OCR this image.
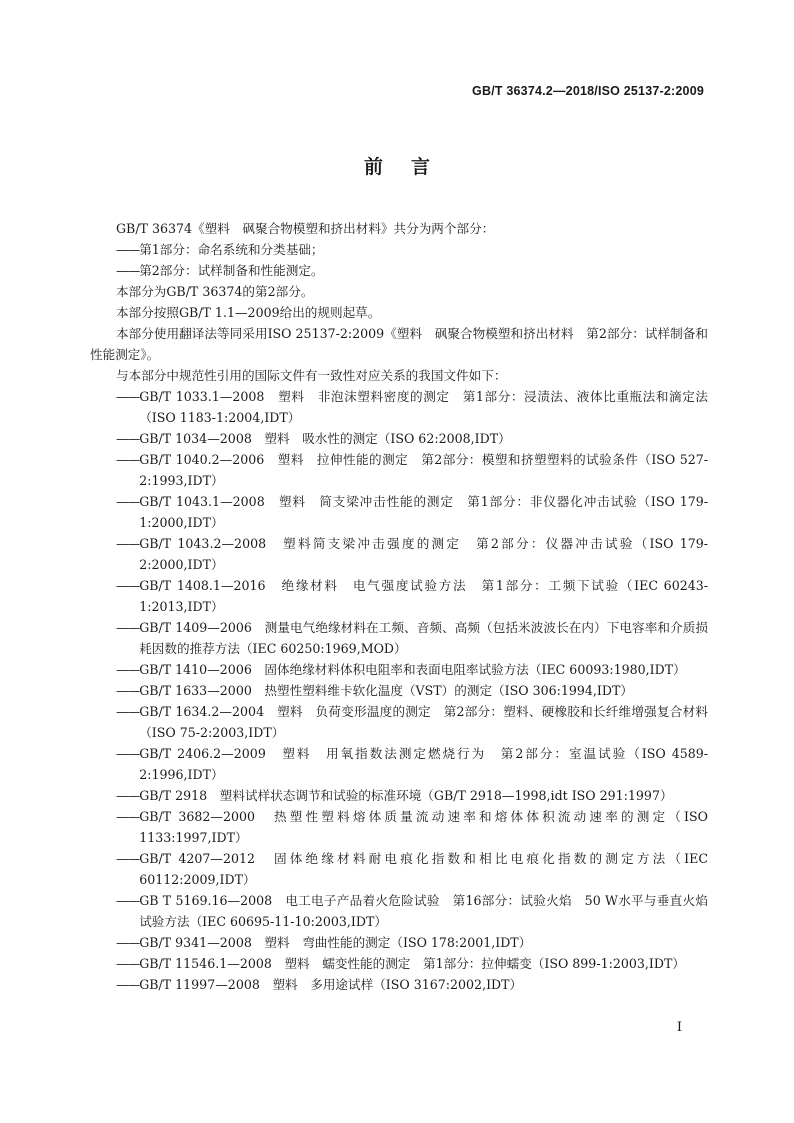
GB/T 36374.2—2018/ISO 25137-2:2009
前言

GB/T 36374《塑料　砜聚合物模塑和挤出材料》共分为两个部分：

—— 第1部分：命名系统和分类基础；
—— 第2部分：试样制备和性能测定。

本部分为GB/T 36374的第2部分。

本部分按照GB/T 1.1—2009给出的规则起草。

本部分使用翻译法等同采用ISO 25137-2:2009《塑料　砜聚合物模塑和挤出材料　第2部分：试样制备和性能测定》。

与本部分中规范性引用的国际文件有一致性对应关系的我国文件如下：

—— GB/T 1033.1—2008　塑料　非泡沫塑料密度的测定　第1部分：浸渍法、液体比重瓶法和滴定法（ISO 1183-1:2004,IDT）
—— GB/T 1034—2008　塑料　吸水性的测定（ISO 62:2008,IDT）
—— GB/T 1040.2—2006　塑料　拉伸性能的测定　第2部分：模塑和挤塑塑料的试验条件（ISO 527-2:1993,IDT）
—— GB/T 1043.1—2008　塑料　简支梁冲击性能的测定　第1部分：非仪器化冲击试验（ISO 179-1:2000,IDT）
—— GB/T 1043.2—2008　塑料简支梁冲击强度的测定　第2部分：仪器冲击试验（ISO 179-2:2000,IDT）
—— GB/T 1408.1—2016　绝缘材料　电气强度试验方法　第1部分：工频下试验（IEC 60243-1:2013,IDT）
—— GB/T 1409—2006　测量电气绝缘材料在工频、音频、高频（包括米波波长在内）下电容率和介质损耗因数的推荐方法（IEC 60250:1969,MOD）
—— GB/T 1410—2006　固体绝缘材料体积电阻率和表面电阻率试验方法（IEC 60093:1980,IDT）
—— GB/T 1633—2000　热塑性塑料维卡软化温度（VST）的测定（ISO 306:1994,IDT）
—— GB/T 1634.2—2004　塑料　负荷变形温度的测定　第2部分：塑料、硬橡胶和长纤维增强复合材料（ISO 75-2:2003,IDT）
—— GB/T 2406.2—2009　塑料　用氧指数法测定燃烧行为　第2部分：室温试验（ISO 4589-2:1996,IDT）
—— GB/T 2918　塑料试样状态调节和试验的标准环境（GB/T 2918—1998,idt ISO 291:1997）
—— GB/T 3682—2000　热塑性塑料熔体质量流动速率和熔体体积流动速率的测定（ISO 1133:1997,IDT）
—— GB/T 4207—2012　固体绝缘材料耐电痕化指数和相比电痕化指数的测定方法（IEC 60112:2009,IDT）
—— GB T 5169.16—2008　电工电子产品着火危险试验　第16部分：试验火焰　50 W水平与垂直火焰试验方法（IEC 60695-11-10:2003,IDT）
—— GB/T 9341—2008　塑料　弯曲性能的测定（ISO 178:2001,IDT）
—— GB/T 11546.1—2008　塑料　蠕变性能的测定　第1部分：拉伸蠕变（ISO 899-1:2003,IDT）
—— GB/T 11997—2008　塑料　多用途试样（ISO 3167:2002,IDT）
I
